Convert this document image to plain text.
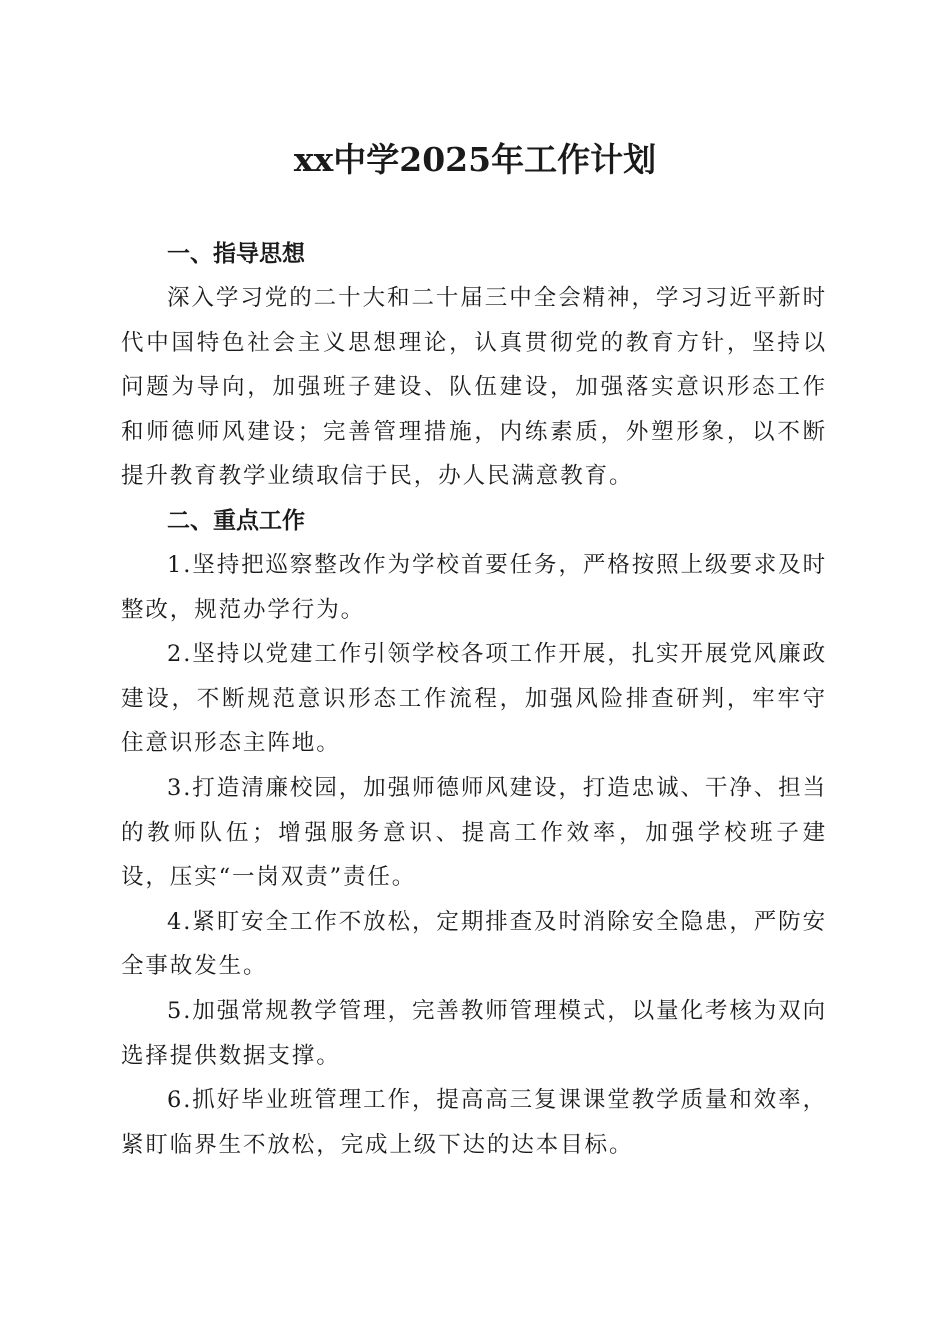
xx中学2025年工作计划
一、指导思想

深入学习党的二十大和二十届三中全会精神，学习习近平新时代中国特色社会主义思想理论，认真贯彻党的教育方针，坚持以问题为导向，加强班子建设、队伍建设，加强落实意识形态工作和师德师风建设；完善管理措施，内练素质，外塑形象，以不断提升教育教学业绩取信于民，办人民满意教育。

二、重点工作

1.坚持把巡察整改作为学校首要任务，严格按照上级要求及时整改，规范办学行为。

2.坚持以党建工作引领学校各项工作开展，扎实开展党风廉政建设，不断规范意识形态工作流程，加强风险排查研判，牢牢守住意识形态主阵地。

3.打造清廉校园，加强师德师风建设，打造忠诚、干净、担当的教师队伍；增强服务意识、提高工作效率，加强学校班子建设，压实“一岗双责”责任。

4.紧盯安全工作不放松，定期排查及时消除安全隐患，严防安全事故发生。

5.加强常规教学管理，完善教师管理模式，以量化考核为双向选择提供数据支撑。

6.抓好毕业班管理工作，提高高三复课课堂教学质量和效率，紧盯临界生不放松，完成上级下达的达本目标。
